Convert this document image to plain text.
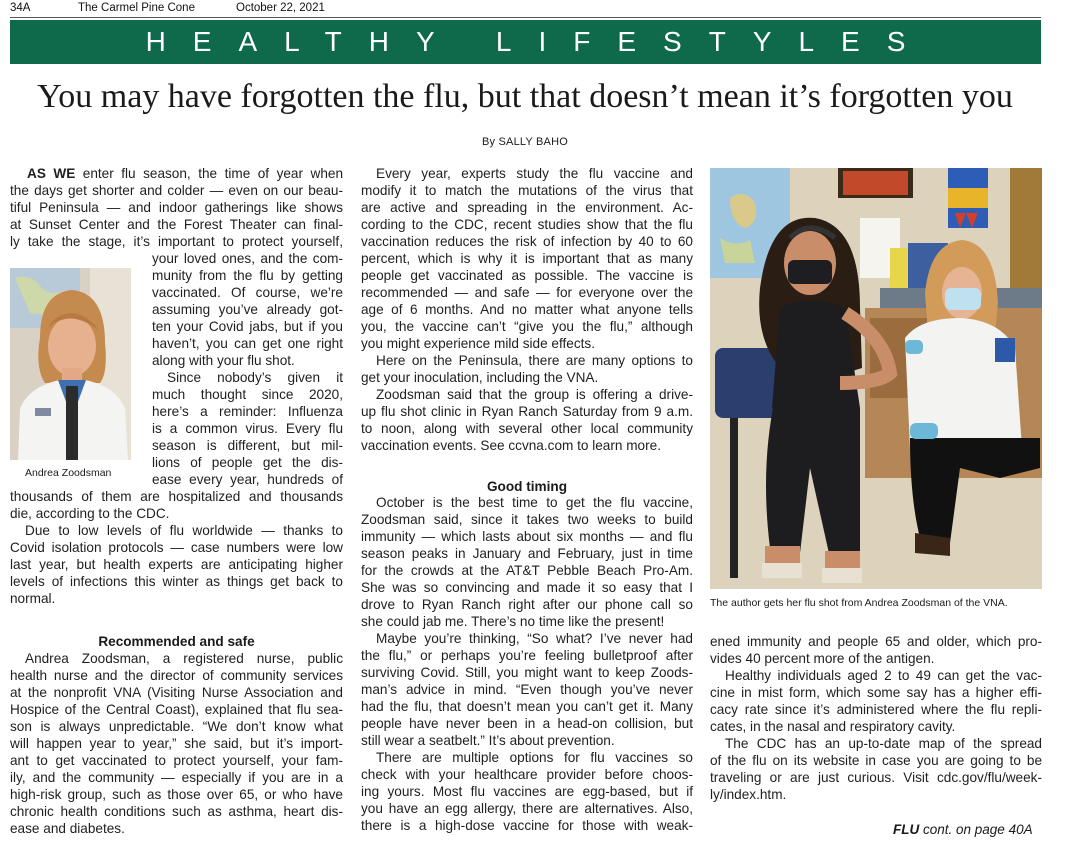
34A	The Carmel Pine Cone	October 22, 2021
HEALTHY LIFESTYLES
You may have forgotten the flu, but that doesn’t mean it’s forgotten you
By SALLY BAHO
Andrea Zoodsman
The author gets her flu shot from Andrea Zoodsman of the VNA.
Recommended and safe
Good timing
AS WE enter flu season, the time of year when
the days get shorter and colder — even on our beau-
tiful Peninsula — and indoor gatherings like shows
at Sunset Center and the Forest Theater can final-
ly take the stage, it’s important to protect yourself,
your loved ones, and the com-
munity from the flu by getting
vaccinated. Of course, we’re
assuming you’ve already got-
ten your Covid jabs, but if you
haven’t, you can get one right
along with your flu shot.
Since nobody’s given it
much thought since 2020,
here’s a reminder: Influenza
is a common virus. Every flu
season is different, but mil-
lions of people get the dis-
ease every year, hundreds of
thousands of them are hospitalized and thousands
die, according to the CDC.
Due to low levels of flu worldwide — thanks to
Covid isolation protocols — case numbers were low
last year, but health experts are anticipating higher
levels of infections this winter as things get back to
normal.
Andrea Zoodsman, a registered nurse, public
health nurse and the director of community services
at the nonprofit VNA (Visiting Nurse Association and
Hospice of the Central Coast), explained that flu sea-
son is always unpredictable. “We don’t know what
will happen year to year,” she said, but it’s import-
ant to get vaccinated to protect yourself, your fam-
ily, and the community — especially if you are in a
high-risk group, such as those over 65, or who have
chronic health conditions such as asthma, heart dis-
ease and diabetes.
Every year, experts study the flu vaccine and
modify it to match the mutations of the virus that
are active and spreading in the environment. Ac-
cording to the CDC, recent studies show that the flu
vaccination reduces the risk of infection by 40 to 60
percent, which is why it is important that as many
people get vaccinated as possible. The vaccine is
recommended — and safe — for everyone over the
age of 6 months. And no matter what anyone tells
you, the vaccine can’t “give you the flu,” although
you might experience mild side effects.
Here on the Peninsula, there are many options to
get your inoculation, including the VNA.
Zoodsman said that the group is offering a drive-
up flu shot clinic in Ryan Ranch Saturday from 9 a.m.
to noon, along with several other local community
vaccination events. See ccvna.com to learn more.
October is the best time to get the flu vaccine,
Zoodsman said, since it takes two weeks to build
immunity — which lasts about six months — and flu
season peaks in January and February, just in time
for the crowds at the AT&T Pebble Beach Pro-Am.
She was so convincing and made it so easy that I
drove to Ryan Ranch right after our phone call so
she could jab me. There’s no time like the present!
Maybe you’re thinking, “So what? I’ve never had
the flu,” or perhaps you’re feeling bulletproof after
surviving Covid. Still, you might want to keep Zoods-
man’s advice in mind. “Even though you’ve never
had the flu, that doesn’t mean you can’t get it. Many
people have never been in a head-on collision, but
still wear a seatbelt.” It’s about prevention.
There are multiple options for flu vaccines so
check with your healthcare provider before choos-
ing yours. Most flu vaccines are egg-based, but if
you have an egg allergy, there are alternatives. Also,
there is a high-dose vaccine for those with weak-
ened immunity and people 65 and older, which pro-
vides 40 percent more of the antigen.
Healthy individuals aged 2 to 49 can get the vac-
cine in mist form, which some say has a higher effi-
cacy rate since it’s administered where the flu repli-
cates, in the nasal and respiratory cavity.
The CDC has an up-to-date map of the spread
of the flu on its website in case you are going to be
traveling or are just curious. Visit cdc.gov/flu/week-
ly/index.htm.
FLU cont. on page 40A
